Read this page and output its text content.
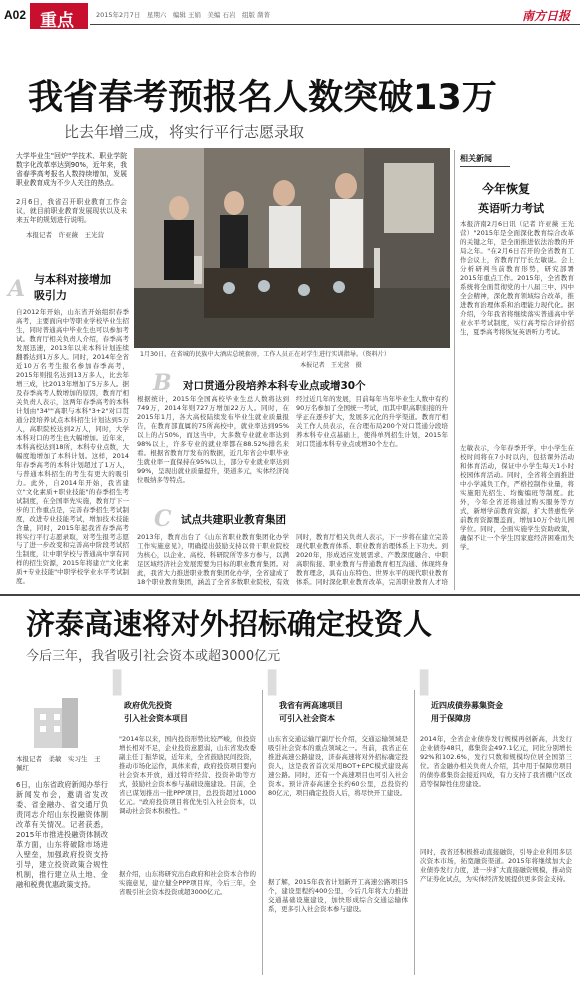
A02 重点	2015年2月7日　星期六　编辑 王娟　美编 石岩　组版 凿菁	南方日报
我省春考预报名人数突破13万
比去年增三成，将实行平行志愿录取
大学毕业生"回炉"学技术、职业学院数字化改革率达到90%，近年来，我省春季高考报名人数持续增加，发展职业教育成为不少人关注的热点。
2月6日，我省召开职业教育工作会议，就目前职业教育发展现状以及未来五年的规划进行说明。
本报记者　许亚薇　王光营
1月30日，在省城的民族中大酒店总统套房，工作人员正在对学生进行实训指导。（资料片）
本报记者　王光营　摄
A 与本科对接增加吸引力
自2012年开始，山东省开始组织春季高考，主要面向中等职业学校毕业生招生，同时普通高中毕业生也可以参加考试。教育厅相关负责人介绍，春季高考发展迅速，2013年以来本科计划连续翻番达到1万多人。同时，2014年全省近10万名考生报名参加春季高考，2015年则报名达到13万多人，比去年增三成，比2013年增加了5万多人。据及春季高考人数增加的原因，教育厅相关负责人表示，这两年春季高考的本科计划由"34""高职与本科"3+2"对口贯通分段培养试点本科招生计划达到5万人，高职院校达到2万人，同时，大学本科对口的考生也大幅增加。近年来，本科高校达到18所，本科专业点数，大幅度地增加了本科计划。这样，2014年春季高考的本科计划超过了1万人，与普通本科招生的考生有更大的吸引力。此外，自2014年开始，我省建立"文化素质+职业技能"的春季招生考试制度，在全国率先实施，教育厅下一步的工作重点是，完善春季招生考试制度，改进专业技能考试，增加技术技能含量，同时，2015年起我省春季高考将实行平行志愿录取，对考生报考志愿
与了进一步改变和完善高中阶段考试招生制度，让中职学校与普通高中享有同样的招生资源，2015年将建立"文化素质+专业技能"中职学校学业水平考试制度。
B 对口贯通分段培养本科专业点或增30个
根据统计，2015年全国高校毕业生总人数将达到749万，2014年则727万增加22万人。同时，在2015年1月，各大高校陆续发布毕业生就业质量报告，在教育部直属的75所高校中，就业率达到95%以上的占50%，而这当中，大多数专业就业率达到98%以上，许多专业的就业率都在88.52%排名来看。根据省教育厅发布的数据，近几年省会中职毕业生就业率一直保持在95%以上，部分专业就业率达到99%，呈现出就业质量提升，渠道多元，实体经济岗位吸纳多等特点。
经过近几年的发展，目前每年当年毕业生人数中有约90万名参加了全国统一考试，而其中职高职衔接的升学正在逐步扩大，发展多元化的升学渠道。教育厅相关工作人员表示，在合理布局200个对口贯通分段培养本科专业点基础上，使得单列招生计划，2015年对口贯通本科专业点或增30个左右。
C 试点共建职业教育集团
2013年，教育出台了《山东省职业教育集团化办学工作实施意见》，明确提出鼓励支持以骨干职业院校为核心，以企业、高校、科研院所等多方参与，以满足区域经济社会发展需要为目标的职业教育集团。对此，我省大力推进职业教育集团化办学，全省建成了18个职业教育集团，涵盖了全省多数职业院校，有效
同时，教育厅相关负责人表示，下一步将在建立完善现代职业教育体系、职业教育治理体系上下功夫。到2020年，形成适应发展需求、产教深度融合、中职高职衔接、职业教育与普通教育相互沟通、体现终身教育理念，具有山东特色、世界水平的现代职业教育体系。同时深化职业教育改革，完善职业教育人才培
相关新闻
今年恢复
英语听力考试
本报济南2月6日讯（记者 许亚薇 王光营）"2015年是全面深化教育综合改革的关键之年，是全面推进依法治教的开局之年。"在2月6日召开的全省教育工作会议上，省教育厅厅长左敏说。会上分析研判当前教育形势，研究部署2015年重点工作。2015年，全省教育系统将全面贯彻党的十八届三中、四中全会精神，深化教育领域综合改革，推进教育治理体系和治理能力现代化。据介绍，今年我省将继续落实普通高中学业水平考试制度，实行高考综合评价招生，夏季高考将恢复英语听力考试。
左敏表示，今年春季开学，中小学生在校时间将在7小时以内，包括课外活动和体育活动，保证中小学生每天1小时校园体育活动。同时，全省将全面推进中小学减负工作，严格控制作业量，将实施阳光招生、均衡编班等制度。此外，今年全省还将通过购买服务等方式，新增学前教育资源，扩大普惠性学前教育资源覆盖面，增加10万个幼儿园学位。同时，全面实施学生资助政策，确保不让一个学生因家庭经济困难而失学。
济泰高速将对外招标确定投资人
今后三年，我省吸引社会资本或超3000亿元
本报记者　柔敏　实习生　王佩红
6日，山东省政府新闻办举行新闻发布会，邀请省发改委、省金融办、省交通厅负责同志介绍山东投融资体制改革有关情况。记者获悉，2015年市推进投融资体制改革方面，山东将破除市场进入壁垒，加强政府投资支持引导，建立投资政策合规性机制，推行建立从土地、金融和税费优惠政策支持。
▌
政府优先投资
引入社会资本项目
"2014年以来，国内投资形势比较严峻，但投资增长相对不足，企业投资意愿弱，山东省发改委副主任丁振华说，近年来，全省鼓励民间投资，推动市场化运作，具体来看，政府投资项目要向社会资本开放，通过特许经营、投资补助等方式，鼓励社会资本参与基础设施建设。目前，全省已谋划推出一批PPP项目，总投资超过1000亿元。"政府投资项目将优先引入社会资本，以调动社会资本积极性。"
据介绍，山东将研究出台政府和社会资本合作的实施意见，建立健全PPP项目库，今后三年，全省吸引社会资本投资或超3000亿元。
▌
我省有两高速项目
可引入社会资本
山东省交通运输厅副厅长介绍，交通运输领域是吸引社会资本的重点领域之一。当前，我省正在推进高速公路建设，济泰高速将对外招标确定投资人，这是我省首次采用BOT+EPC模式建设高速公路。同时，还有一个高速项目也可引入社会资本。预计济泰高速全长约60公里，总投资约80亿元，项目确定投资人后，将尽快开工建设。
据了解，2015年我省计划新开工高速公路项目5个，建设里程约400公里，今后几年将大力推进交通基础设施建设，加快形成综合交通运输体系，更多引入社会资本参与建设。
▌
近四成债券募集资金
用于保障房
2014年，全省企业债券发行规模再创新高，共发行企业债券48只，募集资金497.1亿元，同比分别增长92%和102.6%，发行只数和规模均位居全国第三位。省金融办相关负责人介绍，其中用于保障房项目的债券募集资金接近四成，有力支持了我省棚户区改造等保障性住房建设。
同时，我省还积极推动直接融资，引导企业利用多层次资本市场，拓宽融资渠道。2015年将继续加大企业债券发行力度，进一步扩大直接融资规模，推动资产证券化试点，为实体经济发展提供更多资金支持。
